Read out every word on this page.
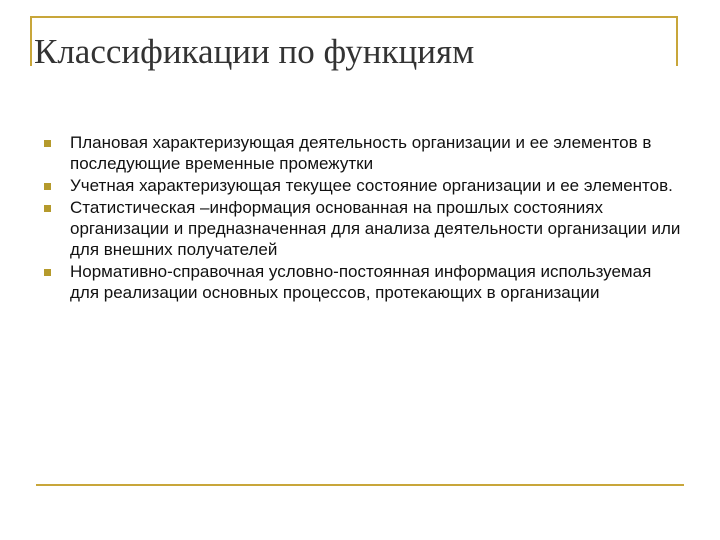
Классификации по функциям
Плановая характеризующая деятельность организации и ее элементов в последующие временные промежутки
Учетная характеризующая текущее состояние организации и ее элементов.
Статистическая –информация основанная на прошлых состояниях организации и предназначенная для анализа деятельности организации или для внешних получателей
Нормативно-справочная условно-постоянная информация используемая для реализации основных процессов, протекающих в организации
